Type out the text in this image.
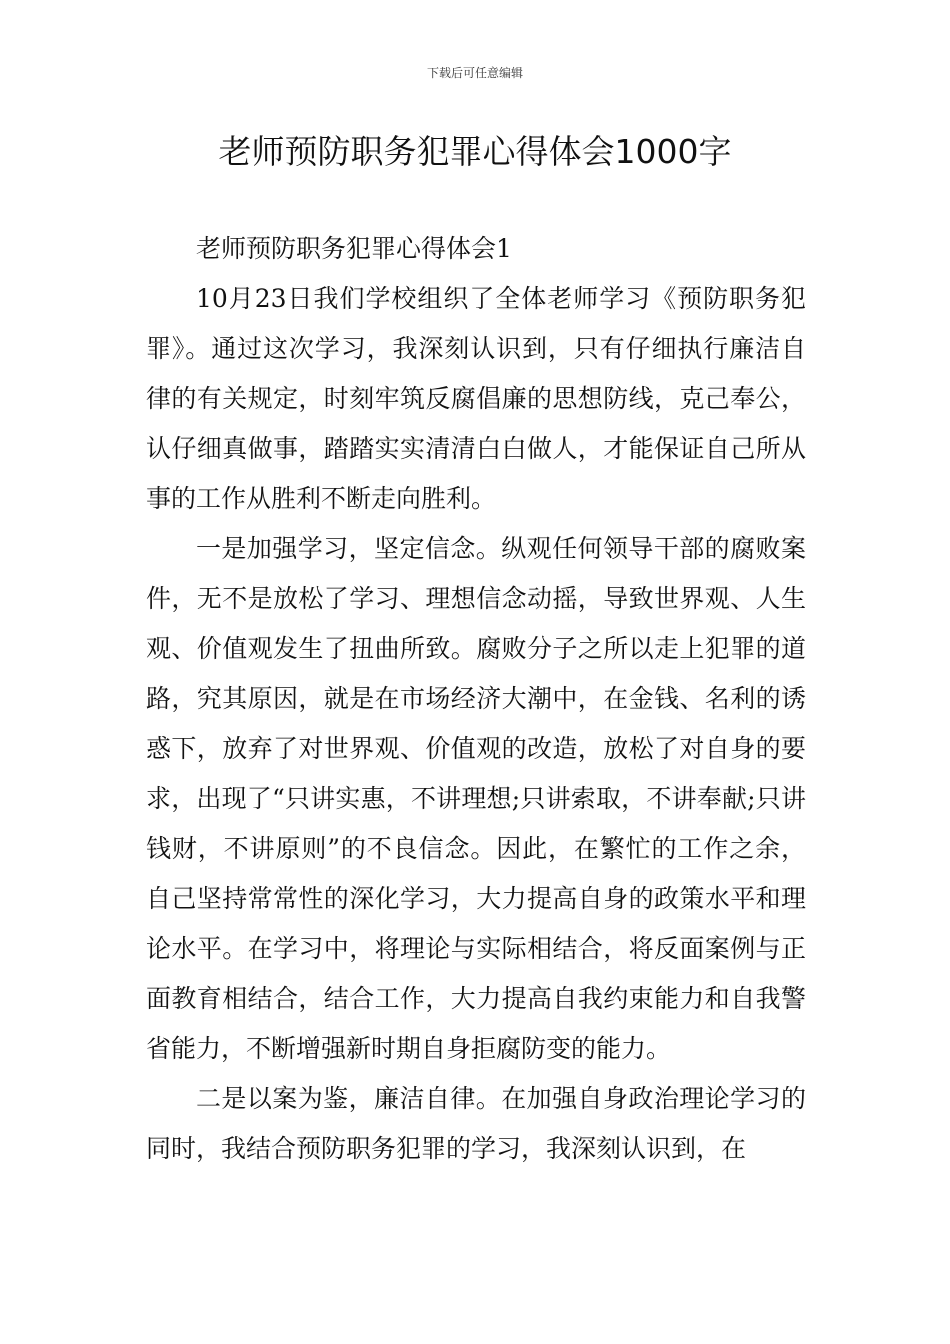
下载后可任意编辑
老师预防职务犯罪心得体会1000字

老师预防职务犯罪心得体会1

10月23日我们学校组织了全体老师学习《预防职务犯罪》。通过这次学习，我深刻认识到，只有仔细执行廉洁自律的有关规定，时刻牢筑反腐倡廉的思想防线，克己奉公，认仔细真做事，踏踏实实清清白白做人，才能保证自己所从事的工作从胜利不断走向胜利。

一是加强学习，坚定信念。纵观任何领导干部的腐败案件，无不是放松了学习、理想信念动摇，导致世界观、人生观、价值观发生了扭曲所致。腐败分子之所以走上犯罪的道路，究其原因，就是在市场经济大潮中，在金钱、名利的诱惑下，放弃了对世界观、价值观的改造，放松了对自身的要求，出现了“只讲实惠，不讲理想;只讲索取，不讲奉献;只讲钱财，不讲原则”的不良信念。因此，在繁忙的工作之余，自己坚持常常性的深化学习，大力提高自身的政策水平和理论水平。在学习中，将理论与实际相结合，将反面案例与正面教育相结合，结合工作，大力提高自我约束能力和自我警省能力，不断增强新时期自身拒腐防变的能力。

二是以案为鉴，廉洁自律。在加强自身政治理论学习的同时，我结合预防职务犯罪的学习，我深刻认识到，在
